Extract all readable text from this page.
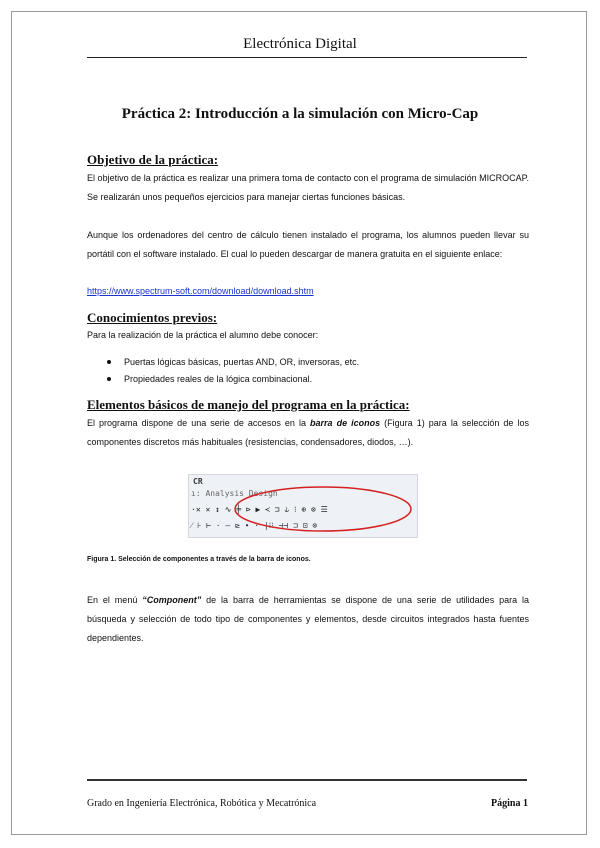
Electrónica Digital
Práctica 2: Introducción a la simulación con Micro-Cap
Objetivo de la práctica:
El objetivo de la práctica es realizar una primera toma de contacto con el programa de simulación MICROCAP. Se realizarán unos pequeños ejercicios para manejar ciertas funciones básicas.
Aunque los ordenadores del centro de cálculo tienen instalado el programa, los alumnos pueden llevar su portátil con el software instalado. El cual lo pueden descargar de manera gratuita en el siguiente enlace:
https://www.spectrum-soft.com/download/download.shtm
Conocimientos previos:
Para la realización de la práctica el alumno debe conocer:
Puertas lógicas básicas, puertas AND, OR, inversoras, etc.
Propiedades reales de la lógica combinacional.
Elementos básicos de manejo del programa en la práctica:
El programa dispone de una serie de accesos en la barra de iconos (Figura 1) para la selección de los componentes discretos más habituales (resistencias, condensadores, diodos, …).
CR
ı: Analysis Design
·✕ ✕ ↕ ∿ ╪ ⊳ ▶ ≺ ⊐ ⫝ ⁝ ⊕ ⊗ ☰
⁄ ⊦ ⊢ · — ⊵ ∙ · |⁝⁝ ⊣⊣ ⊐ ⊡ ⊗
Figura 1. Selección de componentes a través de la barra de iconos.
En el menú “Component” de la barra de herramientas se dispone de una serie de utilidades para la búsqueda y selección de todo tipo de componentes y elementos, desde circuitos integrados hasta fuentes dependientes.
Grado en Ingeniería Electrónica, Robótica y Mecatrónica	Página 1
